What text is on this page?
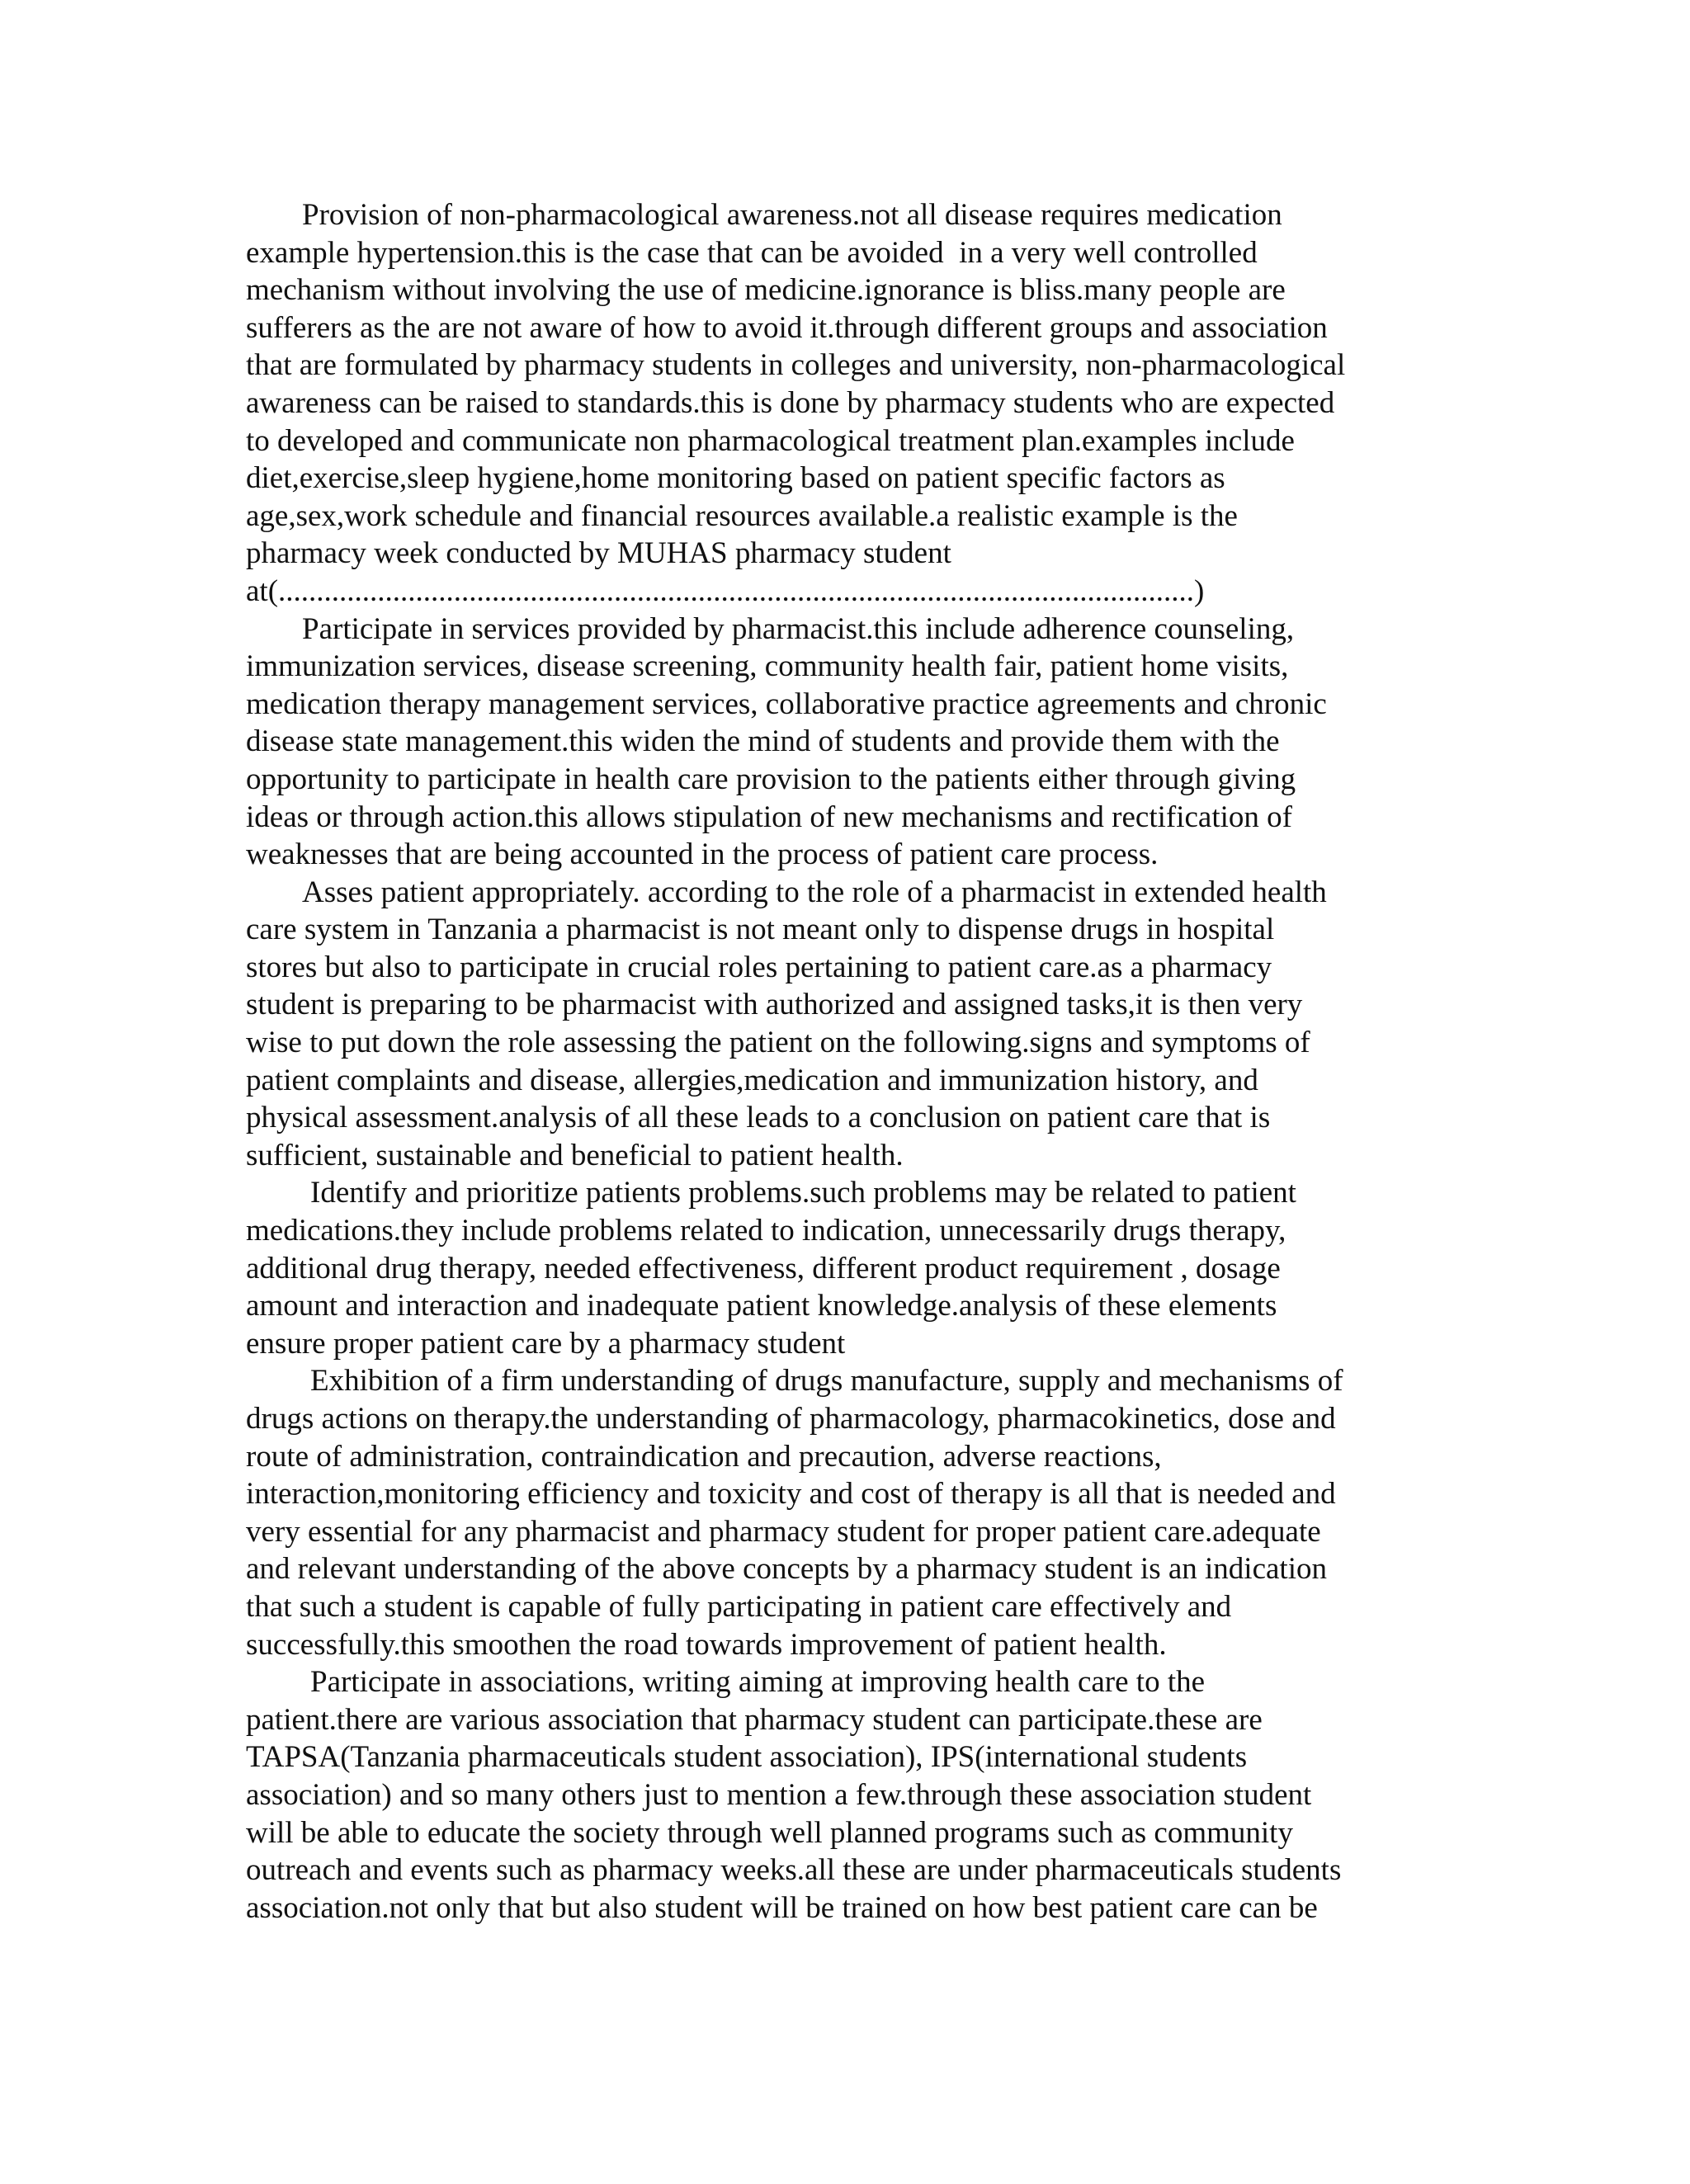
Provision of non-pharmacological awareness.not all disease requires medication
example hypertension.this is the case that can be avoided  in a very well controlled
mechanism without involving the use of medicine.ignorance is bliss.many people are
sufferers as the are not aware of how to avoid it.through different groups and association
that are formulated by pharmacy students in colleges and university, non-pharmacological
awareness can be raised to standards.this is done by pharmacy students who are expected
to developed and communicate non pharmacological treatment plan.examples include
diet,exercise,sleep hygiene,home monitoring based on patient specific factors as
age,sex,work schedule and financial resources available.a realistic example is the
pharmacy week conducted by MUHAS pharmacy student
at(........................................................................................................................)
Participate in services provided by pharmacist.this include adherence counseling,
immunization services, disease screening, community health fair, patient home visits,
medication therapy management services, collaborative practice agreements and chronic
disease state management.this widen the mind of students and provide them with the
opportunity to participate in health care provision to the patients either through giving
ideas or through action.this allows stipulation of new mechanisms and rectification of
weaknesses that are being accounted in the process of patient care process.
Asses patient appropriately. according to the role of a pharmacist in extended health
care system in Tanzania a pharmacist is not meant only to dispense drugs in hospital
stores but also to participate in crucial roles pertaining to patient care.as a pharmacy
student is preparing to be pharmacist with authorized and assigned tasks,it is then very
wise to put down the role assessing the patient on the following.signs and symptoms of
patient complaints and disease, allergies,medication and immunization history, and
physical assessment.analysis of all these leads to a conclusion on patient care that is
sufficient, sustainable and beneficial to patient health.
Identify and prioritize patients problems.such problems may be related to patient
medications.they include problems related to indication, unnecessarily drugs therapy,
additional drug therapy, needed effectiveness, different product requirement , dosage
amount and interaction and inadequate patient knowledge.analysis of these elements
ensure proper patient care by a pharmacy student
Exhibition of a firm understanding of drugs manufacture, supply and mechanisms of
drugs actions on therapy.the understanding of pharmacology, pharmacokinetics, dose and
route of administration, contraindication and precaution, adverse reactions,
interaction,monitoring efficiency and toxicity and cost of therapy is all that is needed and
very essential for any pharmacist and pharmacy student for proper patient care.adequate
and relevant understanding of the above concepts by a pharmacy student is an indication
that such a student is capable of fully participating in patient care effectively and
successfully.this smoothen the road towards improvement of patient health.
Participate in associations, writing aiming at improving health care to the
patient.there are various association that pharmacy student can participate.these are
TAPSA(Tanzania pharmaceuticals student association), IPS(international students
association) and so many others just to mention a few.through these association student
will be able to educate the society through well planned programs such as community
outreach and events such as pharmacy weeks.all these are under pharmaceuticals students
association.not only that but also student will be trained on how best patient care can be
